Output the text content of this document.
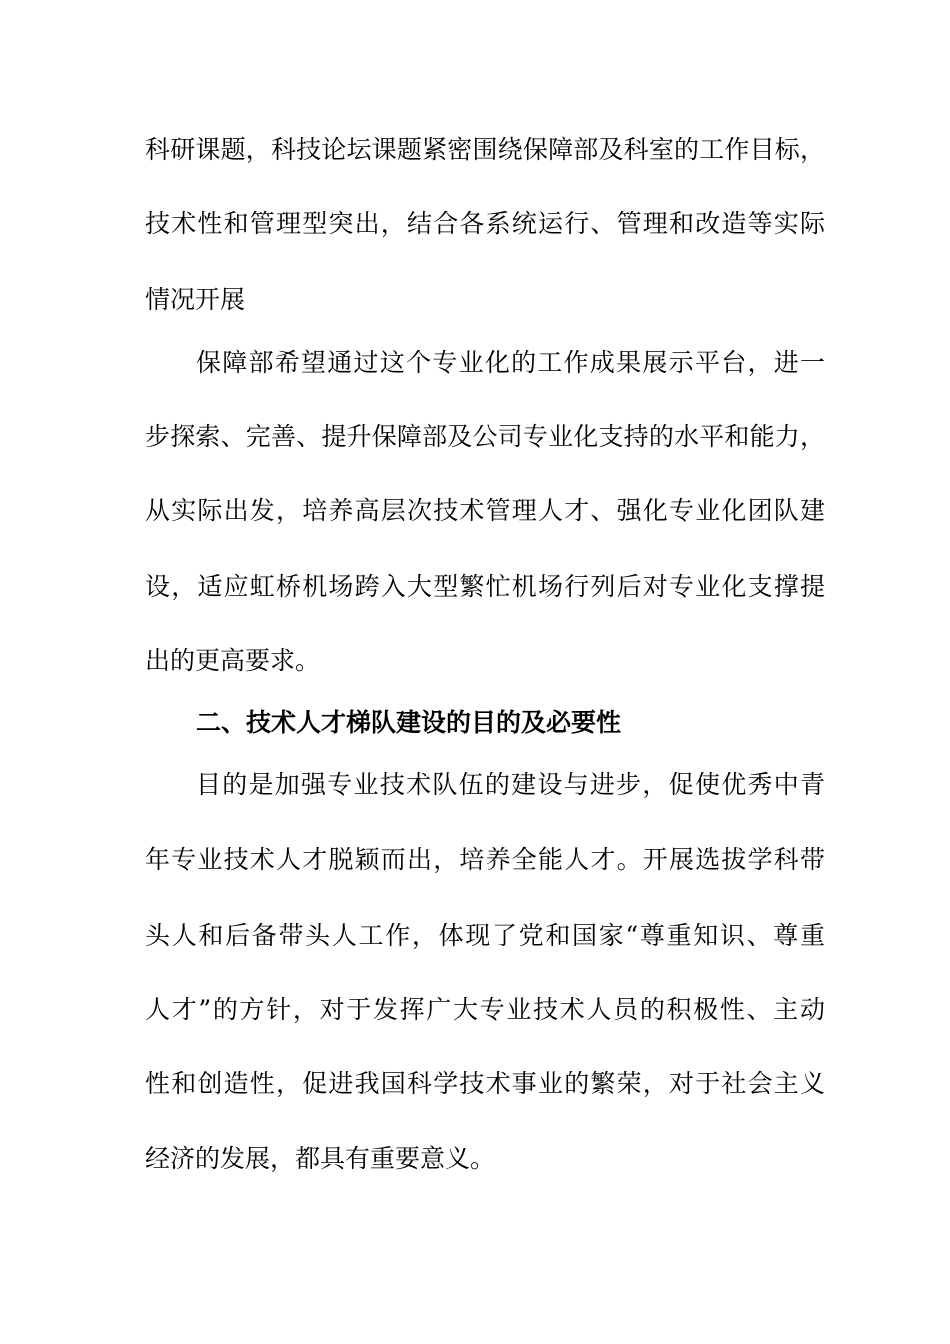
科研课题，科技论坛课题紧密围绕保障部及科室的工作目标，
技术性和管理型突出，结合各系统运行、管理和改造等实际
情况开展
保障部希望通过这个专业化的工作成果展示平台，进一
步探索、完善、提升保障部及公司专业化支持的水平和能力，
从实际出发，培养高层次技术管理人才、强化专业化团队建
设，适应虹桥机场跨入大型繁忙机场行列后对专业化支撑提
出的更高要求。
二、技术人才梯队建设的目的及必要性
目的是加强专业技术队伍的建设与进步，促使优秀中青
年专业技术人才脱颖而出，培养全能人才。开展选拔学科带
头人和后备带头人工作，体现了党和国家“尊重知识、尊重
人才”的方针，对于发挥广大专业技术人员的积极性、主动
性和创造性，促进我国科学技术事业的繁荣，对于社会主义
经济的发展，都具有重要意义。
